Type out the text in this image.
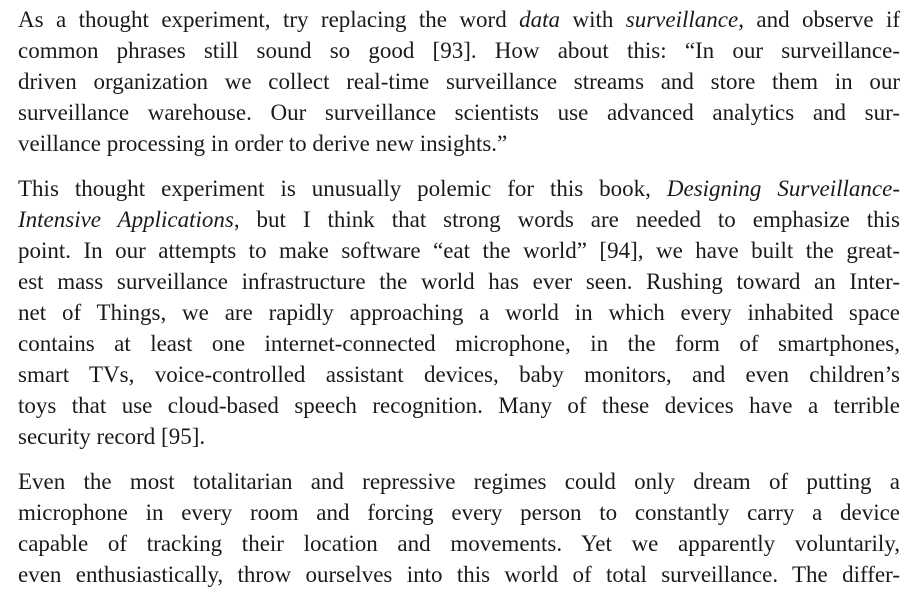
As a thought experiment, try replacing the word data with surveillance, and observe if
common phrases still sound so good [93]. How about this: “In our surveillance-
driven organization we collect real-time surveillance streams and store them in our
surveillance warehouse. Our surveillance scientists use advanced analytics and sur-
veillance processing in order to derive new insights.”
This thought experiment is unusually polemic for this book, Designing Surveillance-
Intensive Applications, but I think that strong words are needed to emphasize this
point. In our attempts to make software “eat the world” [94], we have built the great-
est mass surveillance infrastructure the world has ever seen. Rushing toward an Inter-
net of Things, we are rapidly approaching a world in which every inhabited space
contains at least one internet-connected microphone, in the form of smartphones,
smart TVs, voice-controlled assistant devices, baby monitors, and even children’s
toys that use cloud-based speech recognition. Many of these devices have a terrible
security record [95].
Even the most totalitarian and repressive regimes could only dream of putting a
microphone in every room and forcing every person to constantly carry a device
capable of tracking their location and movements. Yet we apparently voluntarily,
even enthusiastically, throw ourselves into this world of total surveillance. The differ-
